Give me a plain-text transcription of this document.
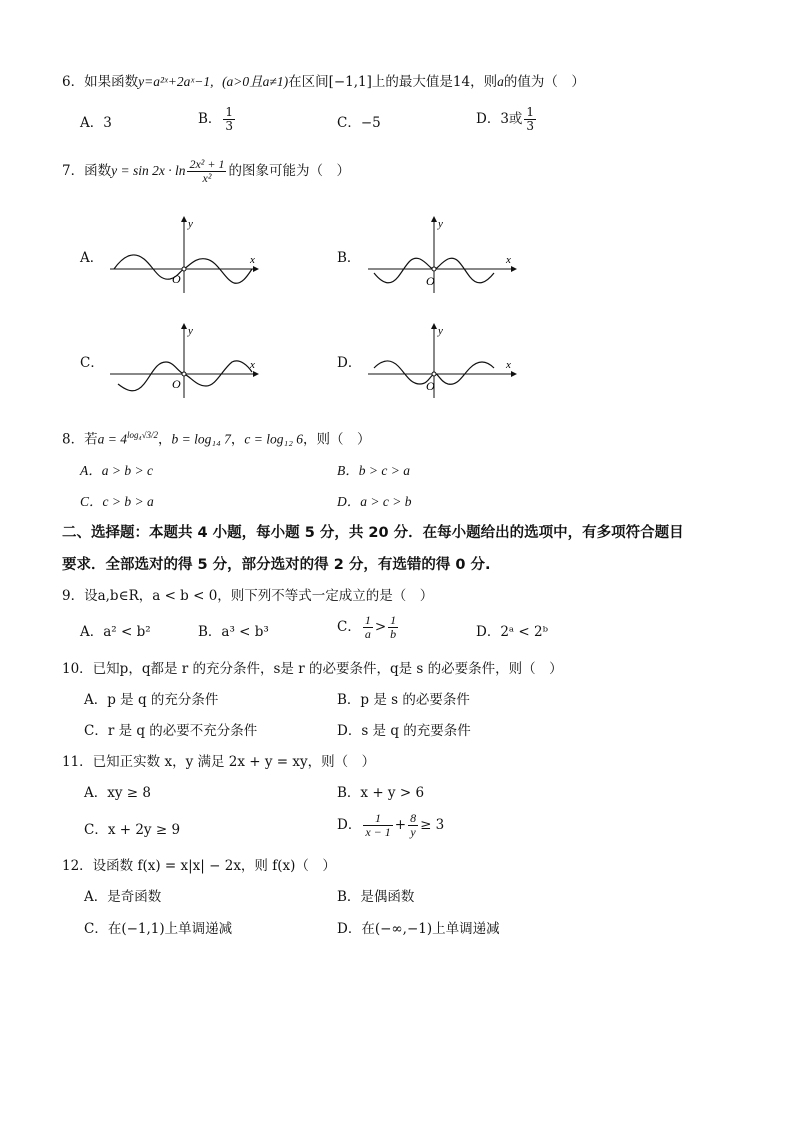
6．如果函数y=a²ˣ+2aˣ−1, (a>0且a≠1)在区间[−1,1]上的最大值是14，则a的值为（　）
A．3	B． $\frac{1}{3}$	C．−5	D．3或 $\frac{1}{3}$
7．函数$y = \sin 2x \cdot \ln \frac{\text{2x² + 1}}{\text{x²}}$ 的图象可能为（　）
A．	B．
C．	D．
x
y
O
x
y
O
x
y
O
x
y
O
8．若$a = 4^{log_4√3/2}$，b = log₁₄ 7，c = log₁₂ 6，则（　）
A．a > b > c	B．b > c > a
C．c > b > a	D．a > c > b
二、选择题：本题共 4 小题，每小题 5 分，共 20 分．在每小题给出的选项中，有多项符合题目
要求．全部选对的得 5 分，部分选对的得 2 分，有选错的得 0 分.
9．设a,b∈R，a < b < 0，则下列不等式一定成立的是（　）
A．a² < b²	B．a³ < b³	C． $\frac{1}{a} > \frac{1}{b}$	D．2ᵃ < 2ᵇ
10．已知p，q都是 r 的充分条件，s是 r 的必要条件，q是 s 的必要条件，则（　）
A．p 是 q 的充分条件	B．p 是 s 的必要条件
C．r 是 q 的必要不充分条件	D．s 是 q 的充要条件
11．已知正实数 x，y 满足 2x + y = xy，则（　）
A．xy ≥ 8	B．x + y > 6
C．x + 2y ≥ 9	D． $\frac{1}{x - 1} + \frac{8}{y} \ge 3$
12．设函数 f(x) = x|x| − 2x，则 f(x)（　）
A．是奇函数	B．是偶函数
C．在(−1,1)上单调递减	D．在(−∞,−1)上单调递减
